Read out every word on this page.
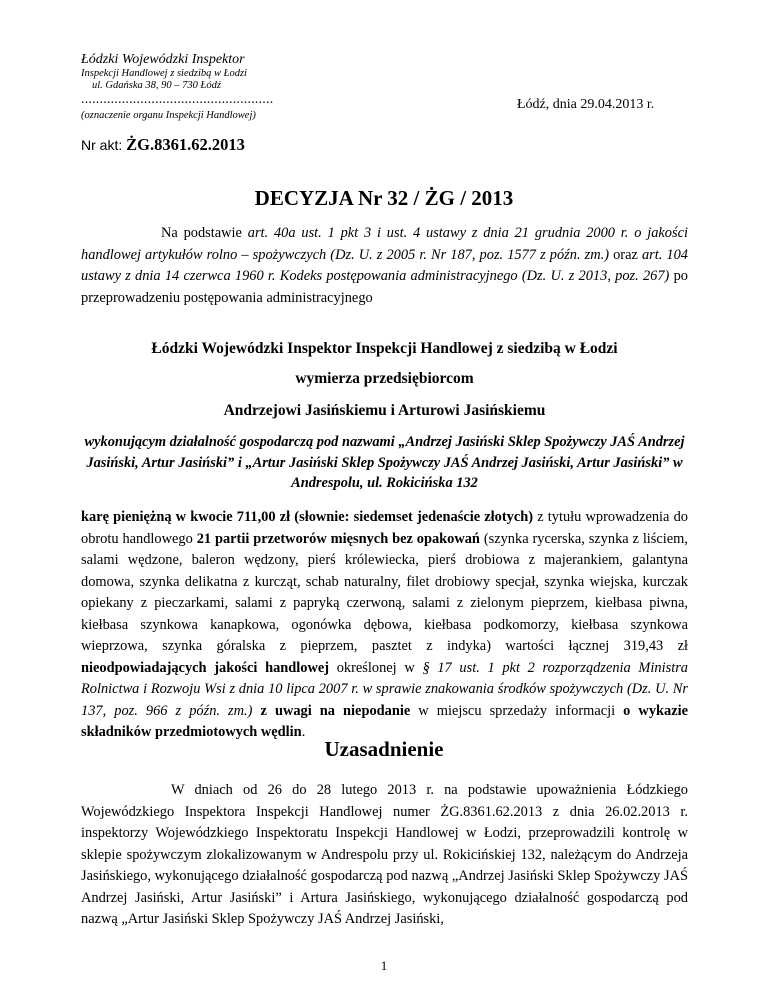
Łódzki Wojewódzki Inspektor
Inspekcji Handlowej z siedzibą w Łodzi
ul. Gdańska 38, 90 – 730 Łódź
....................................................
(oznaczenie organu Inspekcji Handlowej)
Łódź, dnia 29.04.2013 r.
Nr akt: ŻG.8361.62.2013
DECYZJA Nr 32 / ŻG / 2013

Na podstawie art. 40a ust. 1 pkt 3 i ust. 4 ustawy z dnia 21 grudnia 2000 r. o jakości handlowej artykułów rolno – spożywczych (Dz. U. z 2005 r. Nr 187, poz. 1577 z późn. zm.) oraz art. 104 ustawy z dnia 14 czerwca 1960 r. Kodeks postępowania administracyjnego (Dz. U. z 2013, poz. 267) po przeprowadzeniu postępowania administracyjnego

Łódzki Wojewódzki Inspektor Inspekcji Handlowej z siedzibą w Łodzi
wymierza przedsiębiorcom
Andrzejowi Jasińskiemu i Arturowi Jasińskiemu
wykonującym działalność gospodarczą pod nazwami „Andrzej Jasiński Sklep Spożywczy JAŚ Andrzej Jasiński, Artur Jasiński” i „Artur Jasiński Sklep Spożywczy JAŚ Andrzej Jasiński, Artur Jasiński” w Andrespolu, ul. Rokicińska 132

karę pieniężną w kwocie 711,00 zł (słownie: siedemset jedenaście złotych) z tytułu wprowadzenia do obrotu handlowego 21 partii przetworów mięsnych bez opakowań (szynka rycerska, szynka z liściem, salami wędzone, baleron wędzony, pierś królewiecka, pierś drobiowa z majerankiem, galantyna domowa, szynka delikatna z kurcząt, schab naturalny, filet drobiowy specjał, szynka wiejska, kurczak opiekany z pieczarkami, salami z papryką czerwoną, salami z zielonym pieprzem, kiełbasa piwna, kiełbasa szynkowa kanapkowa, ogonówka dębowa, kiełbasa podkomorzy, kiełbasa szynkowa wieprzowa, szynka góralska z pieprzem, pasztet z indyka) wartości łącznej 319,43 zł nieodpowiadających jakości handlowej określonej w § 17 ust. 1 pkt 2 rozporządzenia Ministra Rolnictwa i Rozwoju Wsi z dnia 10 lipca 2007 r. w sprawie znakowania środków spożywczych (Dz. U. Nr 137, poz. 966 z późn. zm.) z uwagi na niepodanie w miejscu sprzedaży informacji o wykazie składników przedmiotowych wędlin.

Uzasadnienie

W dniach od 26 do 28 lutego 2013 r. na podstawie upoważnienia Łódzkiego Wojewódzkiego Inspektora Inspekcji Handlowej numer ŻG.8361.62.2013 z dnia 26.02.2013 r. inspektorzy Wojewódzkiego Inspektoratu Inspekcji Handlowej w Łodzi, przeprowadzili kontrolę w sklepie spożywczym zlokalizowanym w Andrespolu przy ul. Rokicińskiej 132, należącym do Andrzeja Jasińskiego, wykonującego działalność gospodarczą pod nazwą „Andrzej Jasiński Sklep Spożywczy JAŚ Andrzej Jasiński, Artur Jasiński” i Artura Jasińskiego, wykonującego działalność gospodarczą pod nazwą „Artur Jasiński Sklep Spożywczy JAŚ Andrzej Jasiński,

1
